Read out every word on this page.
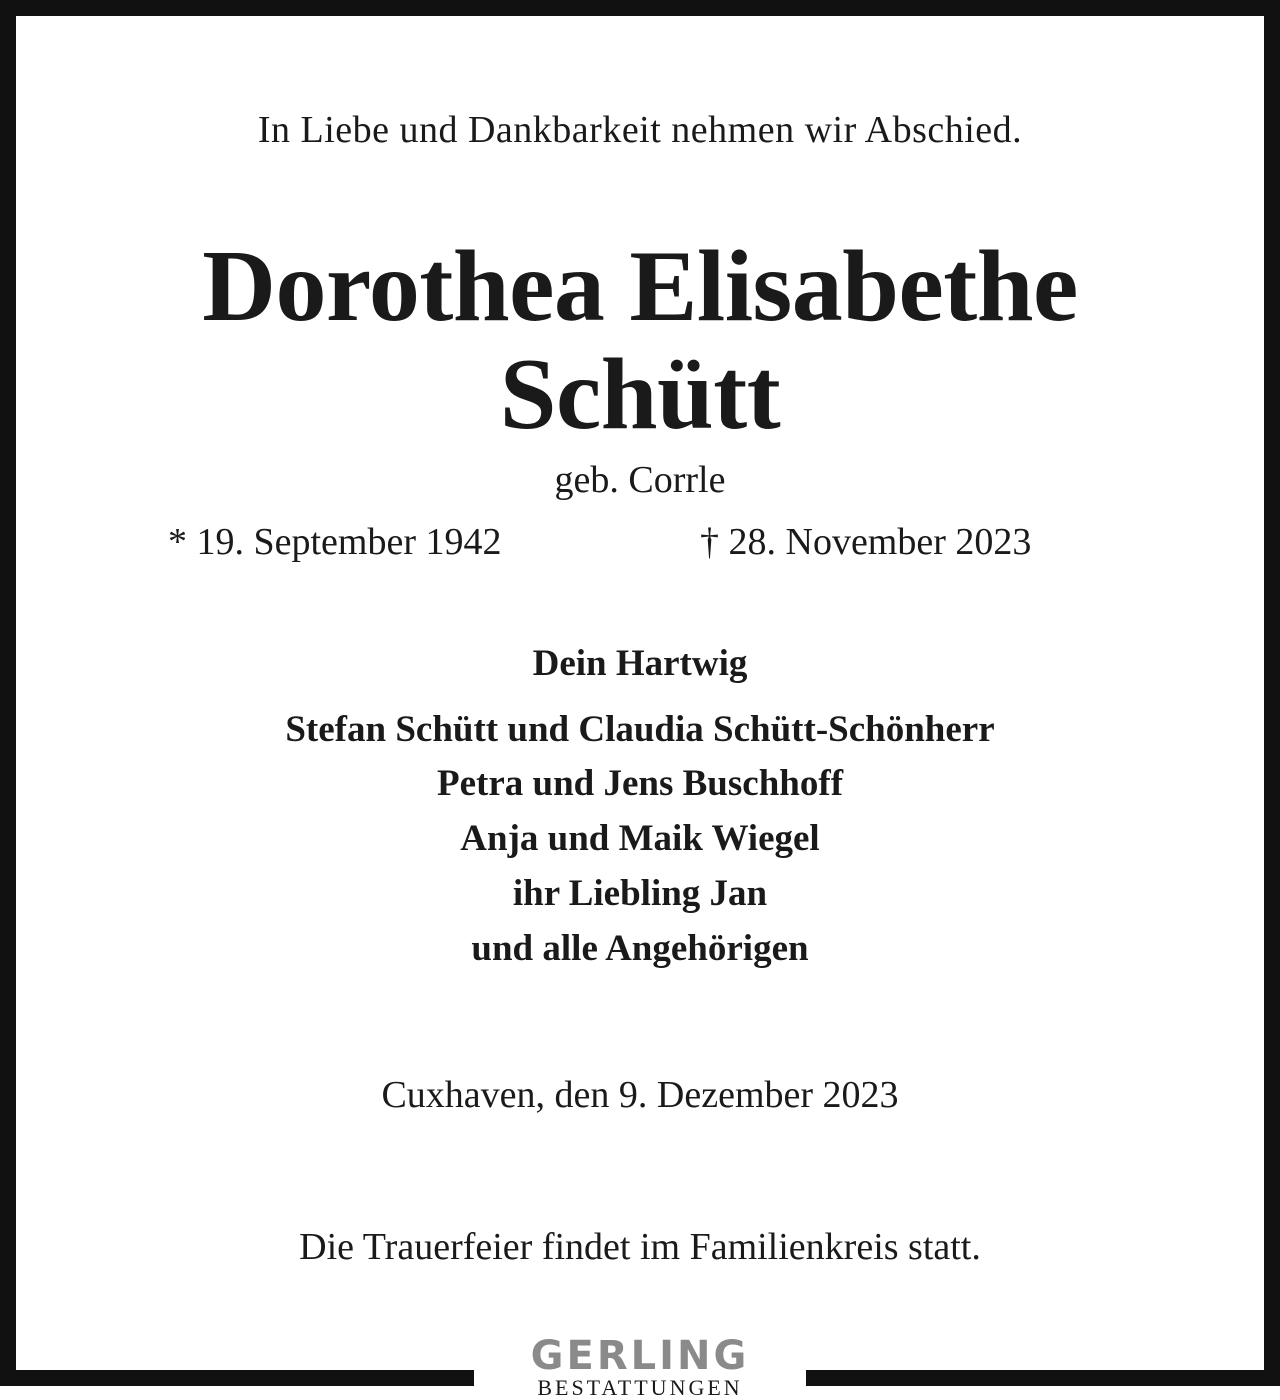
In Liebe und Dankbarkeit nehmen wir Abschied.
Dorothea Elisabethe
Schütt
geb. Corrle
* 19. September 1942	† 28. November 2023
Dein Hartwig
Stefan Schütt und Claudia Schütt-Schönherr
Petra und Jens Buschhoff
Anja und Maik Wiegel
ihr Liebling Jan
und alle Angehörigen
Cuxhaven, den 9. Dezember 2023
Die Trauerfeier findet im Familienkreis statt.
GERLING
BESTATTUNGEN
